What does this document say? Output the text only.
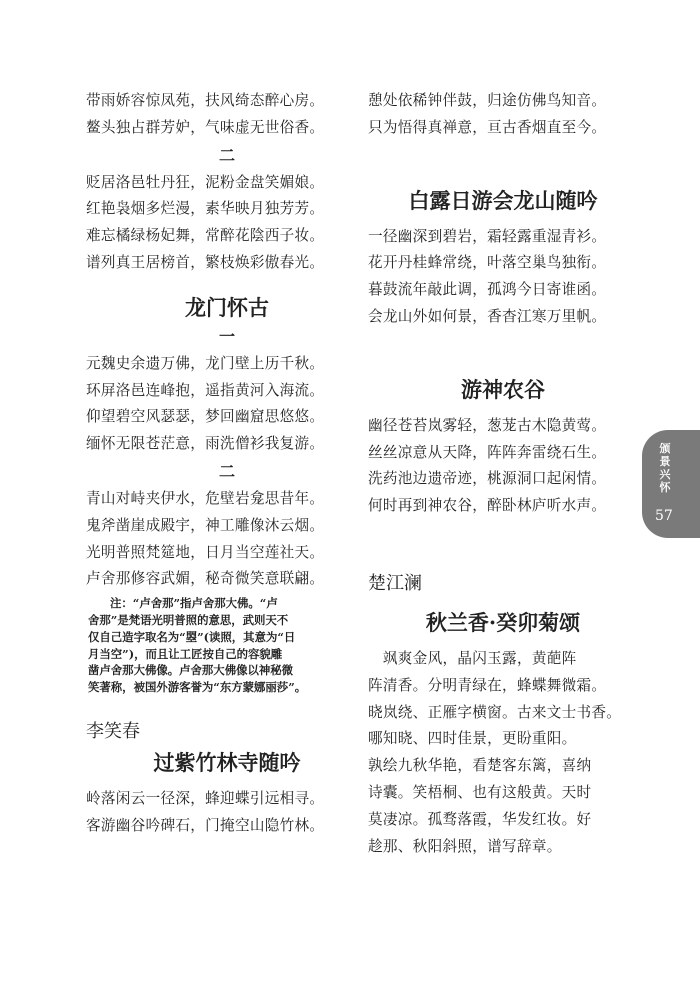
带雨娇容惊凤苑，扶风绮态醉心房。
鳌头独占群芳妒，气味虚无世俗香。
二
贬居洛邑牡丹狂，泥粉金盘笑媚娘。
红艳袅烟多烂漫，素华映月独芳芳。
难忘橘绿杨妃舞，常醉花陰西子妆。
谱列真王居榜首，繁枝焕彩傲春光。
龙门怀古
一
元魏史余遗万佛，龙门壁上历千秋。
环屏洛邑连峰抱，遥指黄河入海流。
仰望碧空风瑟瑟，梦回幽窟思悠悠。
缅怀无限苍茫意，雨洗僧衫我复游。
二
青山对峙夹伊水，危壁岩龛思昔年。
鬼斧凿崖成殿宇，神工雕像沐云烟。
光明普照梵筵地，日月当空莲社天。
卢舍那修容武媚，秘奇微笑意联翩。
注：“卢舍那”指卢舍那大佛。“卢
舍那”是梵语光明普照的意思，武则天不
仅自己造字取名为“曌”(读照，其意为“日
月当空”)，而且让工匠按自己的容貌雕
凿卢舍那大佛像。卢舍那大佛像以神秘微
笑著称，被国外游客誉为“东方蒙娜丽莎”。
李笑春
过紫竹林寺随吟
岭落闲云一径深，蜂迎蝶引远相寻。
客游幽谷吟碑石，门掩空山隐竹林。
憩处依稀钟伴鼓，归途仿佛鸟知音。
只为悟得真禅意，亘古香烟直至今。
白露日游会龙山随吟
一径幽深到碧岩，霜轻露重湿青衫。
花开丹桂蜂常绕，叶落空巢鸟独衔。
暮鼓流年敲此调，孤鸿今日寄谁函。
会龙山外如何景，香杳江寒万里帆。
游神农谷
幽径苍苔岚雾轻，葱茏古木隐黄莺。
丝丝凉意从天降，阵阵奔雷绕石生。
洗药池边遗帝迹，桃源洞口起闲情。
何时再到神农谷，醉卧林庐听水声。
楚江澜
秋兰香·癸卯菊颂
　飒爽金风，晶闪玉露，黄葩阵
阵清香。分明青绿在，蜂蝶舞微霜。
晓岚绕、正雁字横窗。古来文士书香。
哪知晓、四时佳景，更盼重阳。
孰绘九秋华艳，看楚客东篱，喜纳
诗囊。笑梧桐、也有这般黄。天时
莫凄凉。孤骛落霞，华发红妆。好
趁那、秋阳斜照，谱写辞章。
颁景兴怀
57
